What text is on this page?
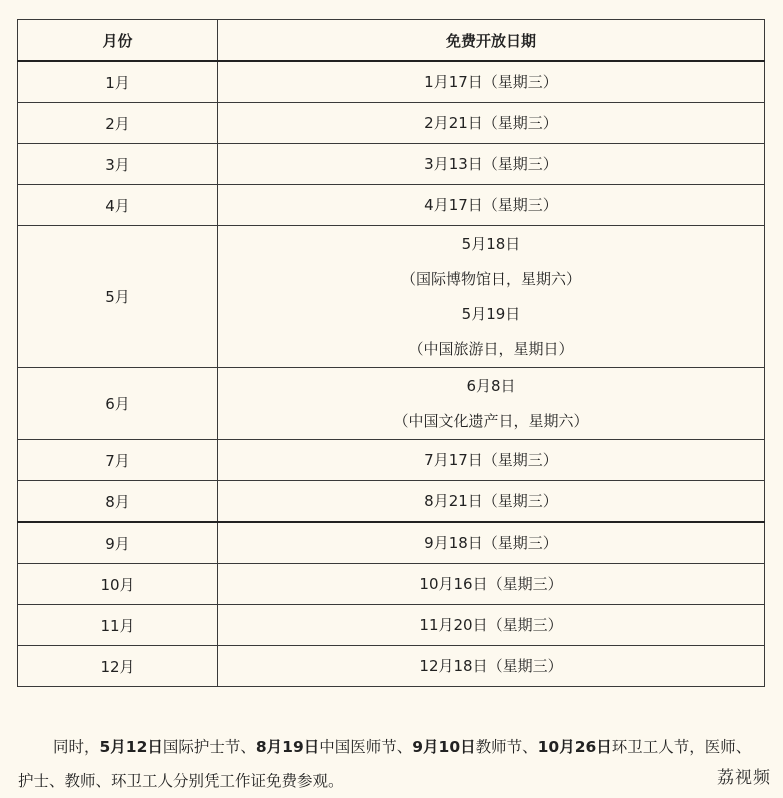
月份	免费开放日期
1月	1月17日（星期三）

2月	2月21日（星期三）

3月	3月13日（星期三）

4月	4月17日（星期三）

5月	5月18日
（国际博物馆日，星期六）
5月19日
（中国旅游日，星期日）

6月	6月8日
（中国文化遗产日，星期六）

7月	7月17日（星期三）

8月	8月21日（星期三）

9月	9月18日（星期三）

10月	10月16日（星期三）

11月	11月20日（星期三）

12月	12月18日（星期三）

同时，5月12日国际护士节、8月19日中国医师节、9月10日教师节、10月26日环卫工人节，医师、护士、教师、环卫工人分别凭工作证免费参观。	荔视频
